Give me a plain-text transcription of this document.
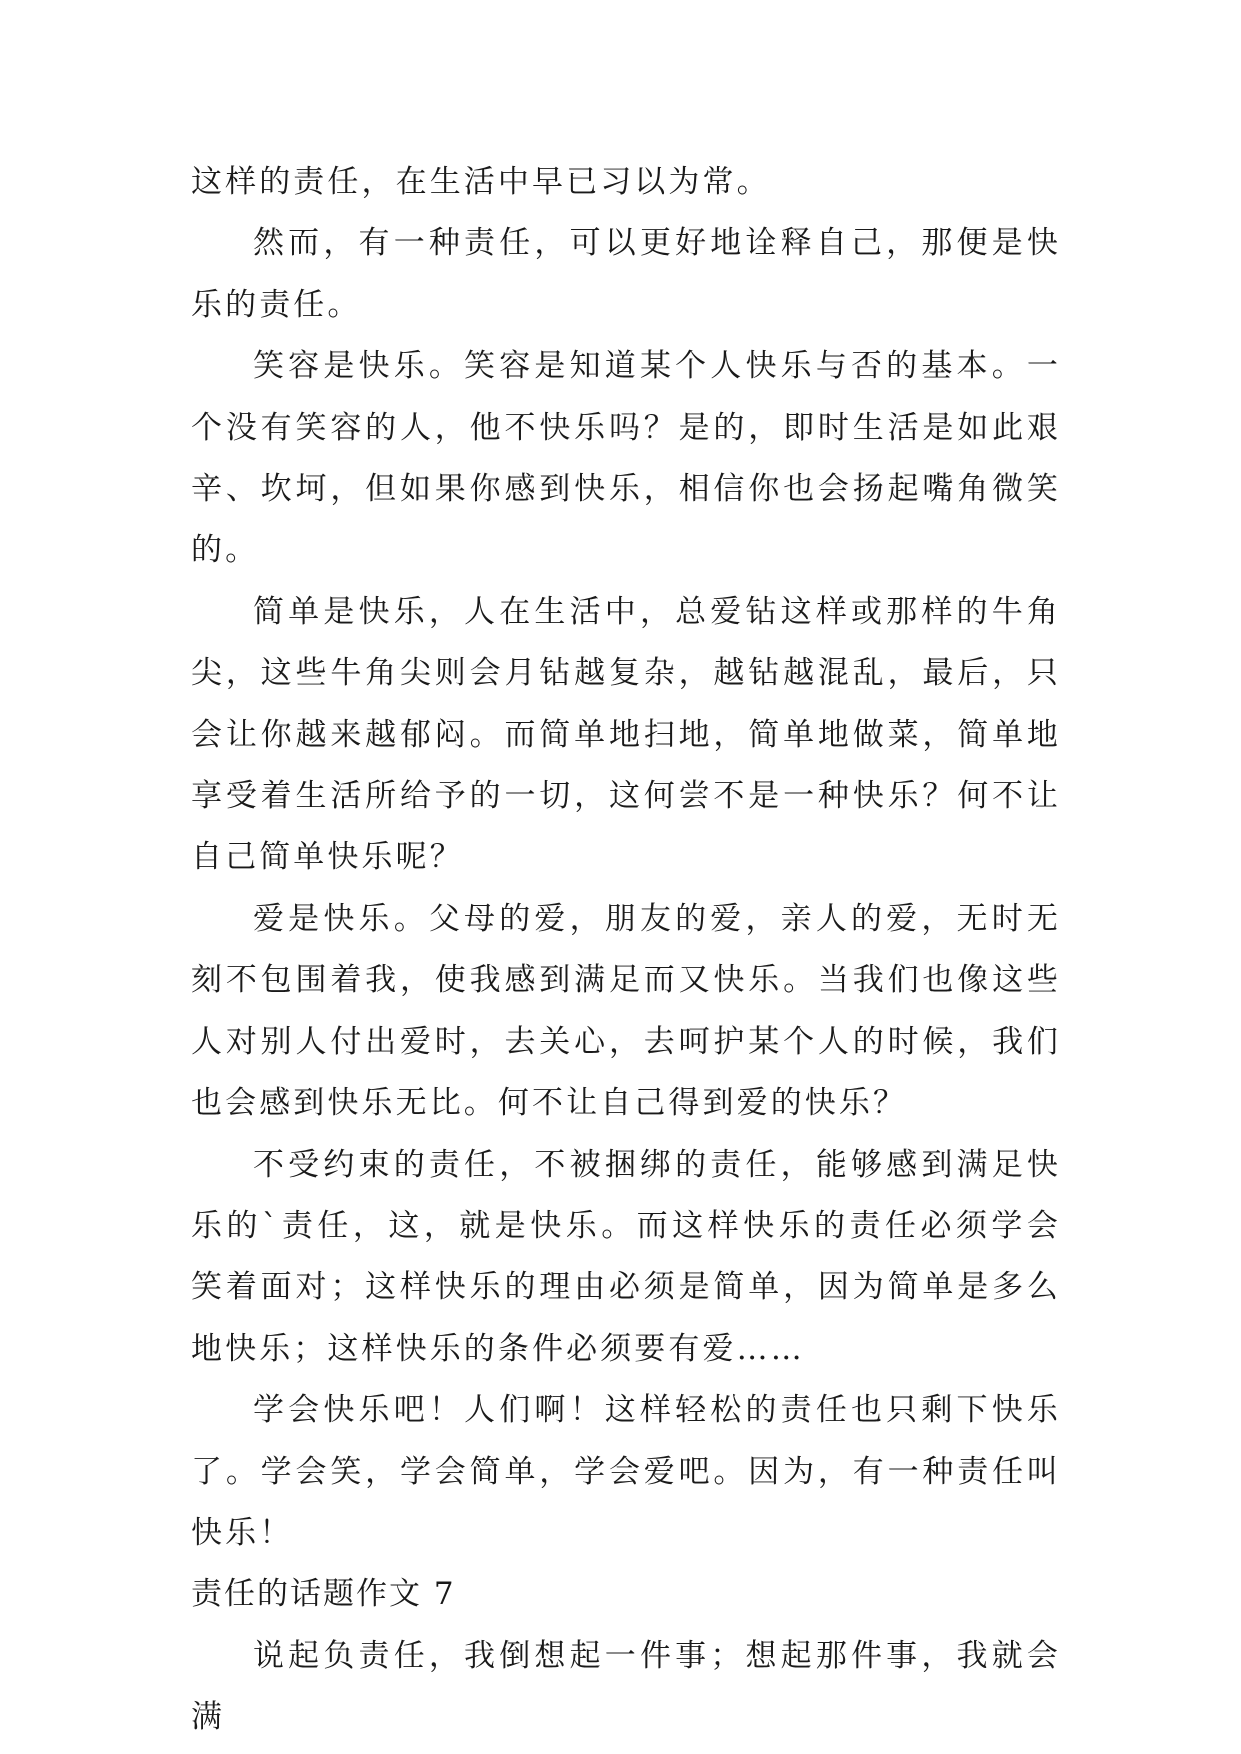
这样的责任，在生活中早已习以为常。

然而，有一种责任，可以更好地诠释自己，那便是快乐的责任。

笑容是快乐。笑容是知道某个人快乐与否的基本。一个没有笑容的人，他不快乐吗？是的，即时生活是如此艰辛、坎坷，但如果你感到快乐，相信你也会扬起嘴角微笑的。

简单是快乐，人在生活中，总爱钻这样或那样的牛角尖，这些牛角尖则会月钻越复杂，越钻越混乱，最后，只会让你越来越郁闷。而简单地扫地，简单地做菜，简单地享受着生活所给予的一切，这何尝不是一种快乐？何不让自己简单快乐呢？

爱是快乐。父母的爱，朋友的爱，亲人的爱，无时无刻不包围着我，使我感到满足而又快乐。当我们也像这些人对别人付出爱时，去关心，去呵护某个人的时候，我们也会感到快乐无比。何不让自己得到爱的快乐？

不受约束的责任，不被捆绑的责任，能够感到满足快乐的`责任，这，就是快乐。而这样快乐的责任必须学会笑着面对；这样快乐的理由必须是简单，因为简单是多么地快乐；这样快乐的条件必须要有爱……

学会快乐吧！人们啊！这样轻松的责任也只剩下快乐了。学会笑，学会简单，学会爱吧。因为，有一种责任叫快乐！

责任的话题作文 7

说起负责任，我倒想起一件事；想起那件事，我就会满
